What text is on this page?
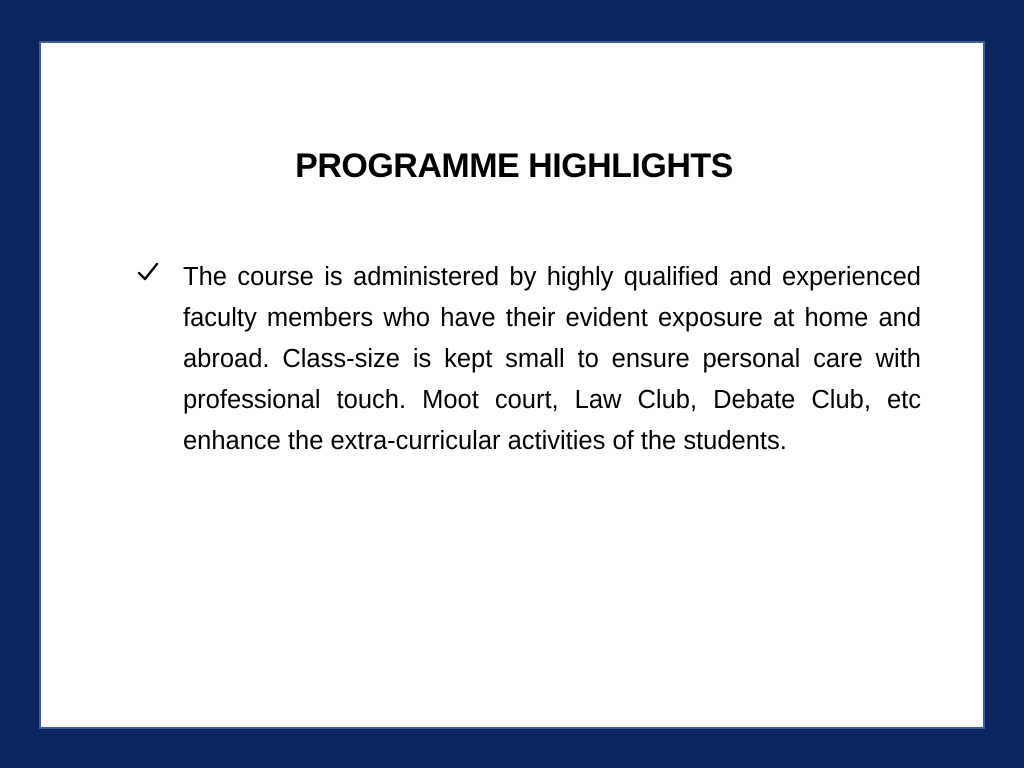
PROGRAMME HIGHLIGHTS
The course is administered by highly qualified and experienced faculty members who have their evident exposure at home and abroad. Class-size is kept small to ensure personal care with professional touch. Moot court, Law Club, Debate Club, etc enhance the extra-curricular activities of the students.
